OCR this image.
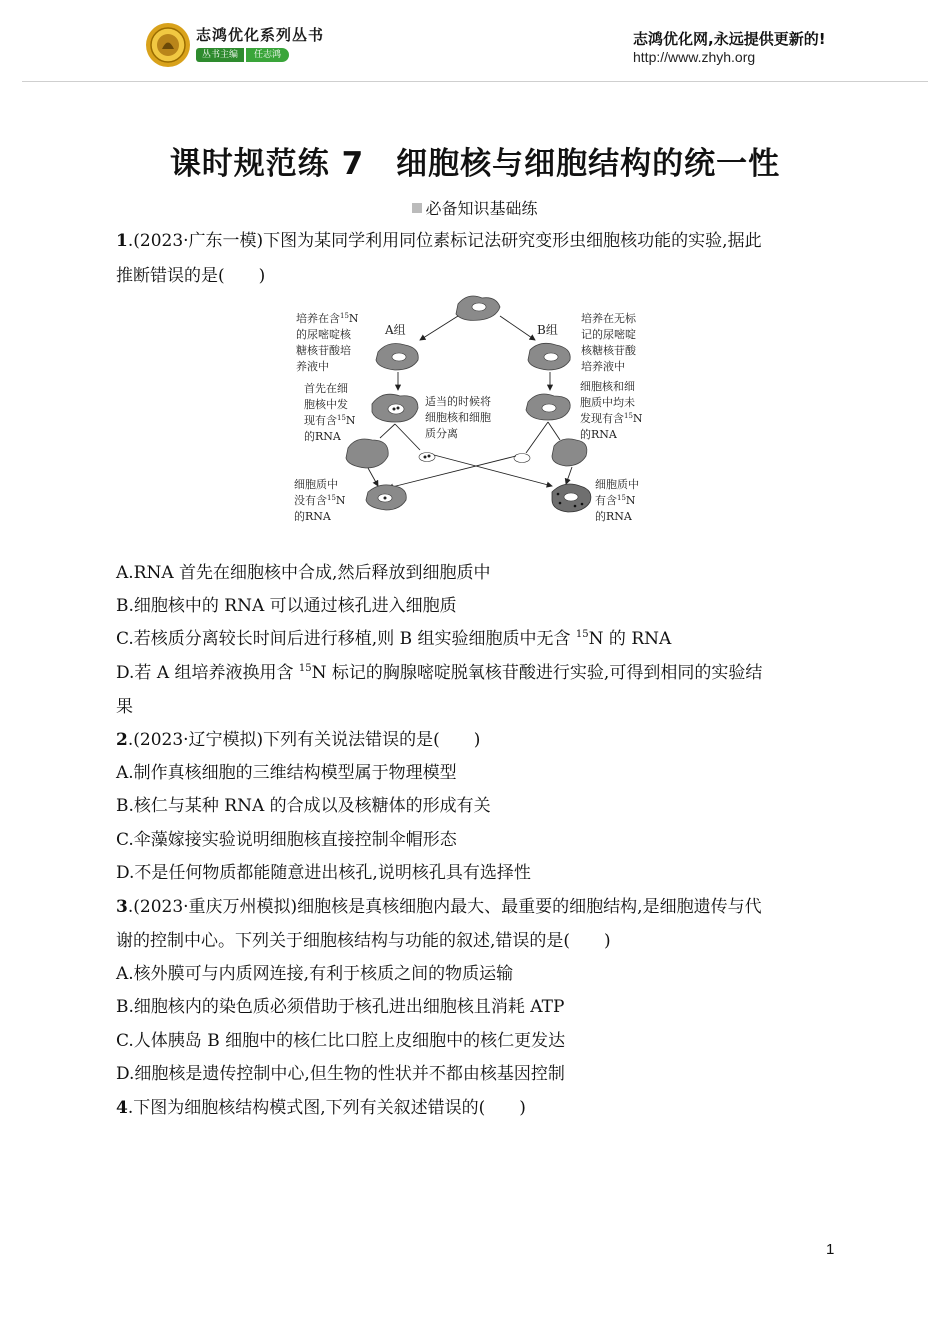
志鸿优化系列丛书
丛书主编	任志鸿
志鸿优化网,永远提供更新的!
http://www.zhyh.org
课时规范练 7　细胞核与细胞结构的统一性
必备知识基础练
1.(2023·广东一模)下图为某同学利用同位素标记法研究变形虫细胞核功能的实验,据此
推断错误的是(　　)
A组	B组
培养在含$^{15}$N 的尿嘧啶核 糖核苷酸培 养液中
培养在无标 记的尿嘧啶 核糖核苷酸 培养液中
首先在细 胞核中发 现有含$^{15}$N 的RNA
适当的时候将 细胞核和细胞 质分离
细胞核和细 胞质中均未 发现有含$^{15}$N 的RNA
细胞质中 没有含$^{15}$N 的RNA
细胞质中 有含$^{15}$N 的RNA
A.RNA 首先在细胞核中合成,然后释放到细胞质中
B.细胞核中的 RNA 可以通过核孔进入细胞质
C.若核质分离较长时间后进行移植,则 B 组实验细胞质中无含 $^{15}$N 的 RNA
D.若 A 组培养液换用含 $^{15}$N 标记的胸腺嘧啶脱氧核苷酸进行实验,可得到相同的实验结
果
2.(2023·辽宁模拟)下列有关说法错误的是(　　)
A.制作真核细胞的三维结构模型属于物理模型
B.核仁与某种 RNA 的合成以及核糖体的形成有关
C.伞藻嫁接实验说明细胞核直接控制伞帽形态
D.不是任何物质都能随意进出核孔,说明核孔具有选择性
3.(2023·重庆万州模拟)细胞核是真核细胞内最大、最重要的细胞结构,是细胞遗传与代
谢的控制中心。下列关于细胞核结构与功能的叙述,错误的是(　　)
A.核外膜可与内质网连接,有利于核质之间的物质运输
B.细胞核内的染色质必须借助于核孔进出细胞核且消耗 ATP
C.人体胰岛 B 细胞中的核仁比口腔上皮细胞中的核仁更发达
D.细胞核是遗传控制中心,但生物的性状并不都由核基因控制
4.下图为细胞核结构模式图,下列有关叙述错误的(　　)
1
